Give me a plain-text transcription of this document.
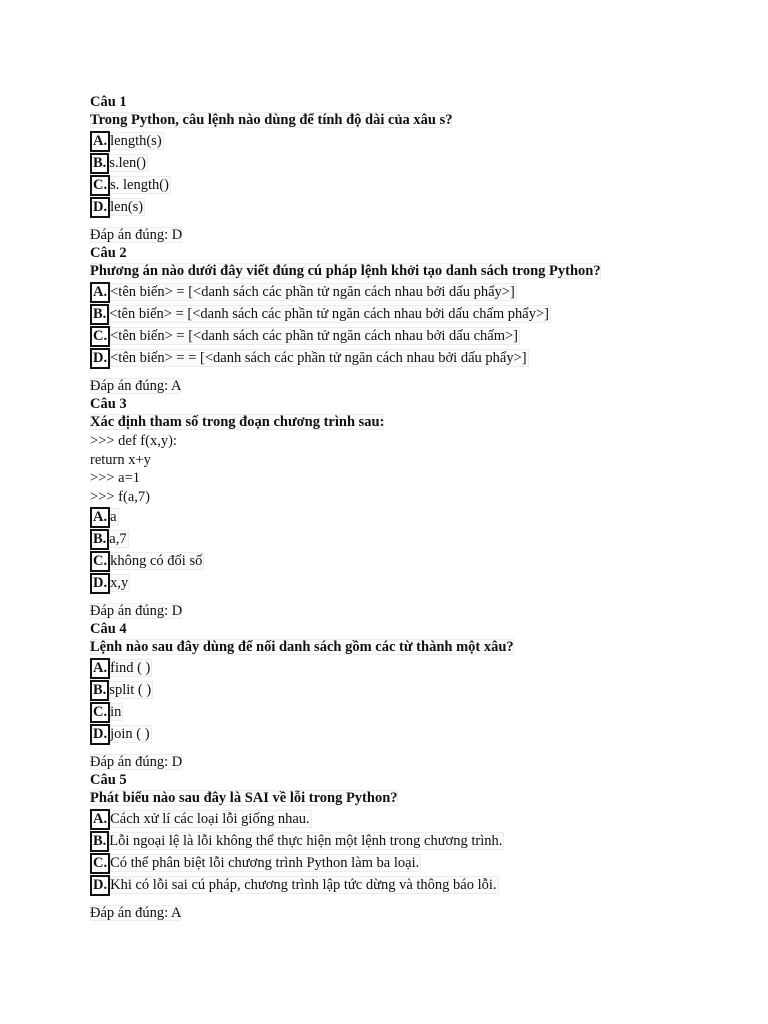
Câu 1
Trong Python, câu lệnh nào dùng để tính độ dài của xâu s?
A. length(s)
B. s.len()
C. s. length()
D. len(s)
Đáp án đúng: D
Câu 2
Phương án nào dưới đây viết đúng cú pháp lệnh khởi tạo danh sách trong Python?
A. <tên biến> = [<danh sách các phần tử ngăn cách nhau bởi dấu phẩy>]
B. <tên biến> = [<danh sách các phần tử ngăn cách nhau bởi dấu chấm phẩy>]
C. <tên biến> = [<danh sách các phần tử ngăn cách nhau bởi dấu chấm>]
D. <tên biến> = = [<danh sách các phần tử ngăn cách nhau bởi dấu phẩy>]
Đáp án đúng: A
Câu 3
Xác định tham số trong đoạn chương trình sau:
>>> def f(x,y):
return x+y
>>> a=1
>>> f(a,7)
A. a
B. a,7
C. không có đối số
D. x,y
Đáp án đúng: D
Câu 4
Lệnh nào sau đây dùng để nối danh sách gồm các từ thành một xâu?
A. find ( )
B. split ( )
C. in
D. join ( )
Đáp án đúng: D
Câu 5
Phát biểu nào sau đây là SAI về lỗi trong Python?
A. Cách xử lí các loại lỗi giống nhau.
B. Lỗi ngoại lệ là lỗi không thể thực hiện một lệnh trong chương trình.
C. Có thể phân biệt lỗi chương trình Python làm ba loại.
D. Khi có lỗi sai cú pháp, chương trình lập tức dừng và thông báo lỗi.
Đáp án đúng: A
